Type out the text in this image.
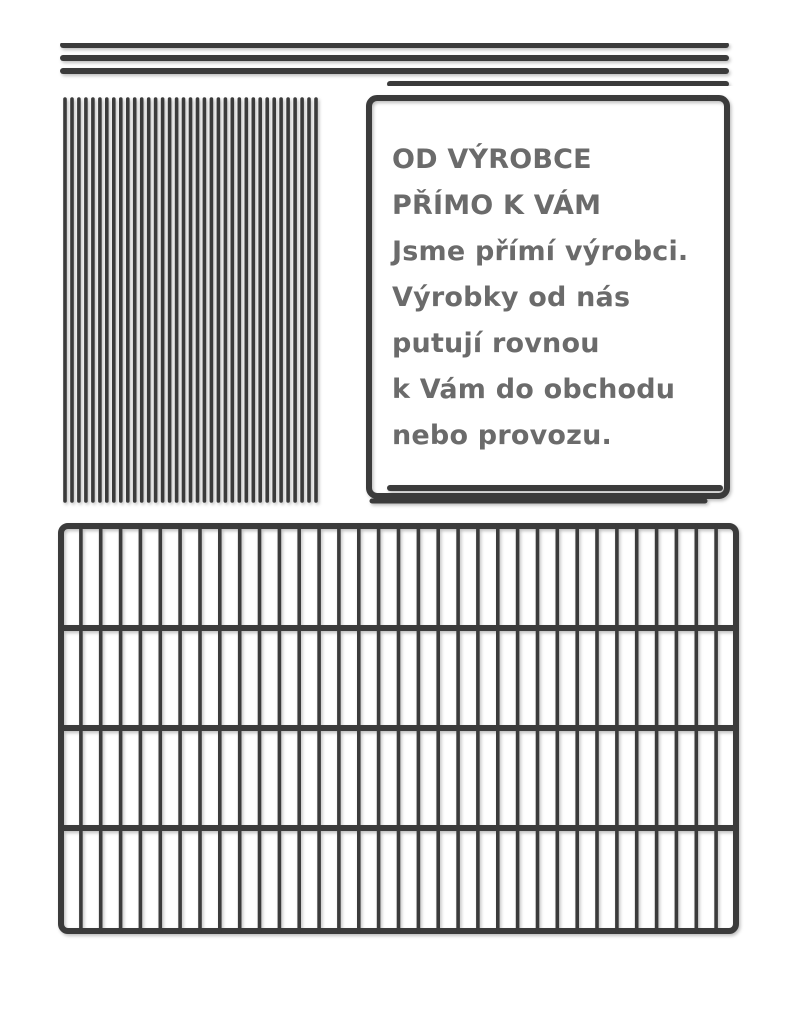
OD VÝROBCE
PŘÍMO K VÁM
Jsme přímí výrobci.
Výrobky od nás
putují rovnou
k Vám do obchodu
nebo provozu.
